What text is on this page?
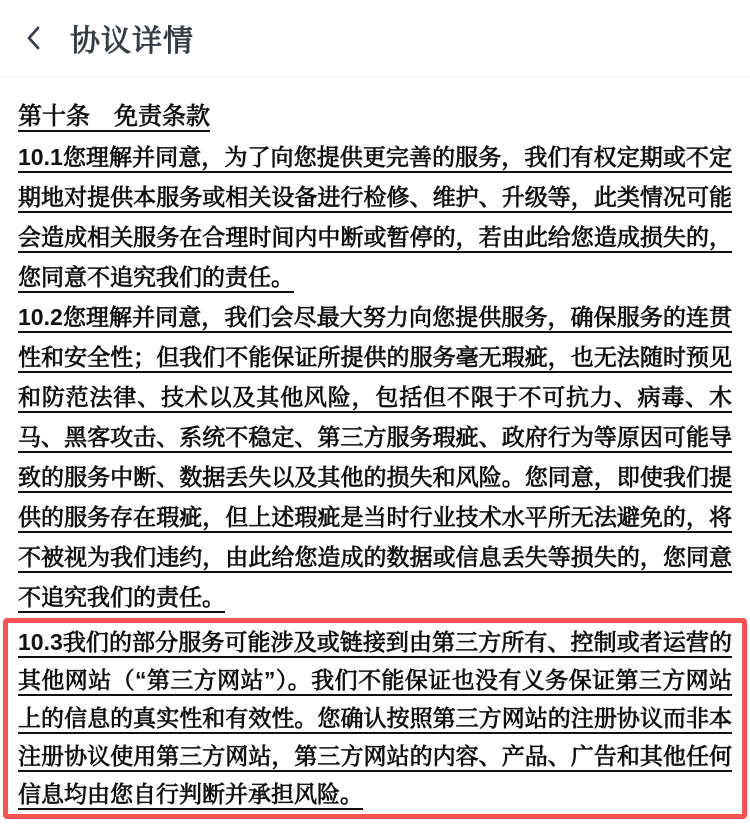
协议详情
第十条　免责条款

10.1您理解并同意，为了向您提供更完善的服务，我们有权定期或不定期地对提供本服务或相关设备进行检修、维护、升级等，此类情况可能会造成相关服务在合理时间内中断或暂停的，若由此给您造成损失的，您同意不追究我们的责任。

10.2您理解并同意，我们会尽最大努力向您提供服务，确保服务的连贯性和安全性；但我们不能保证所提供的服务毫无瑕疵，也无法随时预见和防范法律、技术以及其他风险，包括但不限于不可抗力、病毒、木马、黑客攻击、系统不稳定、第三方服务瑕疵、政府行为等原因可能导致的服务中断、数据丢失以及其他的损失和风险。您同意，即使我们提供的服务存在瑕疵，但上述瑕疵是当时行业技术水平所无法避免的，将不被视为我们违约，由此给您造成的数据或信息丢失等损失的，您同意不追究我们的责任。

10.3我们的部分服务可能涉及或链接到由第三方所有、控制或者运营的其他网站（“第三方网站”）。我们不能保证也没有义务保证第三方网站上的信息的真实性和有效性。您确认按照第三方网站的注册协议而非本注册协议使用第三方网站，第三方网站的内容、产品、广告和其他任何信息均由您自行判断并承担风险。
